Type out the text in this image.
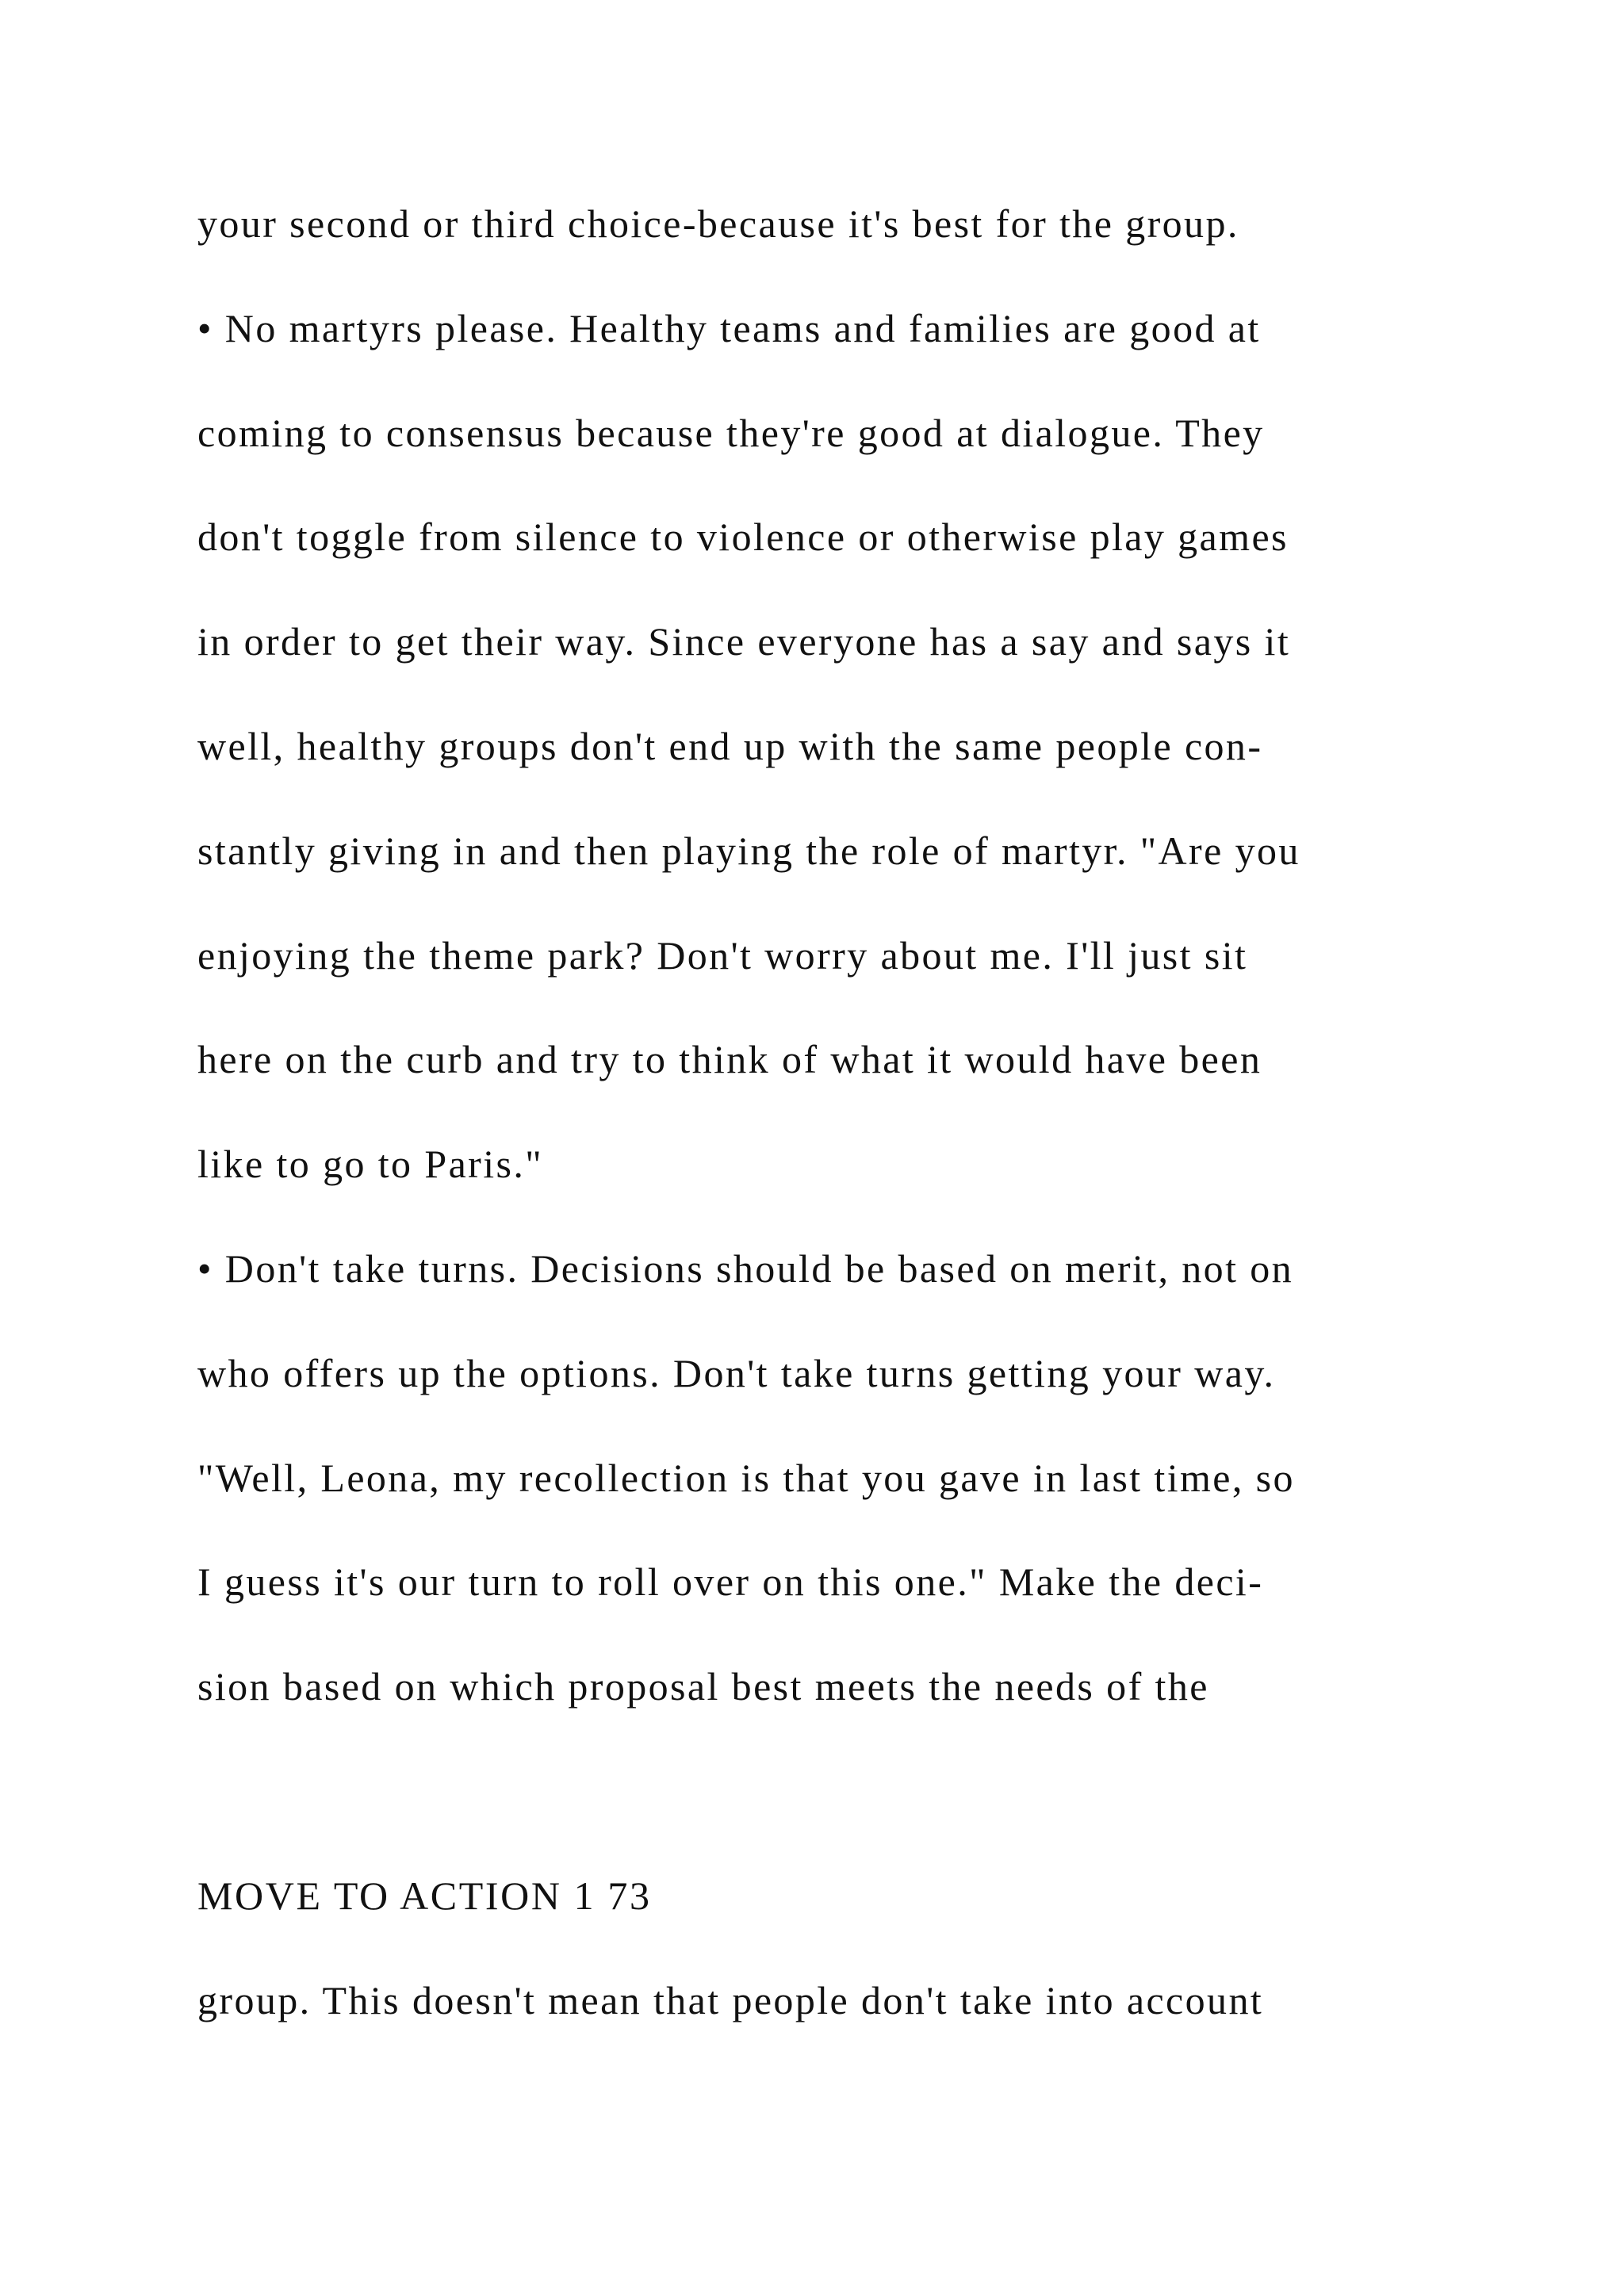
your second or third choice-because it's best for the group.

• No martyrs please. Healthy teams and families are good at

coming to consensus because they're good at dialogue. They

don't toggle from silence to violence or otherwise play games

in order to get their way. Since everyone has a say and says it

well, healthy groups don't end up with the same people con-

stantly giving in and then playing the role of martyr. "Are you

enjoying the theme park? Don't worry about me. I'll just sit

here on the curb and try to think of what it would have been

like to go to Paris."

• Don't take turns. Decisions should be based on merit, not on

who offers up the options. Don't take turns getting your way.

"Well, Leona, my recollection is that you gave in last time, so

I guess it's our turn to roll over on this one." Make the deci-

sion based on which proposal best meets the needs of the

MOVE TO ACTION 1 73

group. This doesn't mean that people don't take into account
